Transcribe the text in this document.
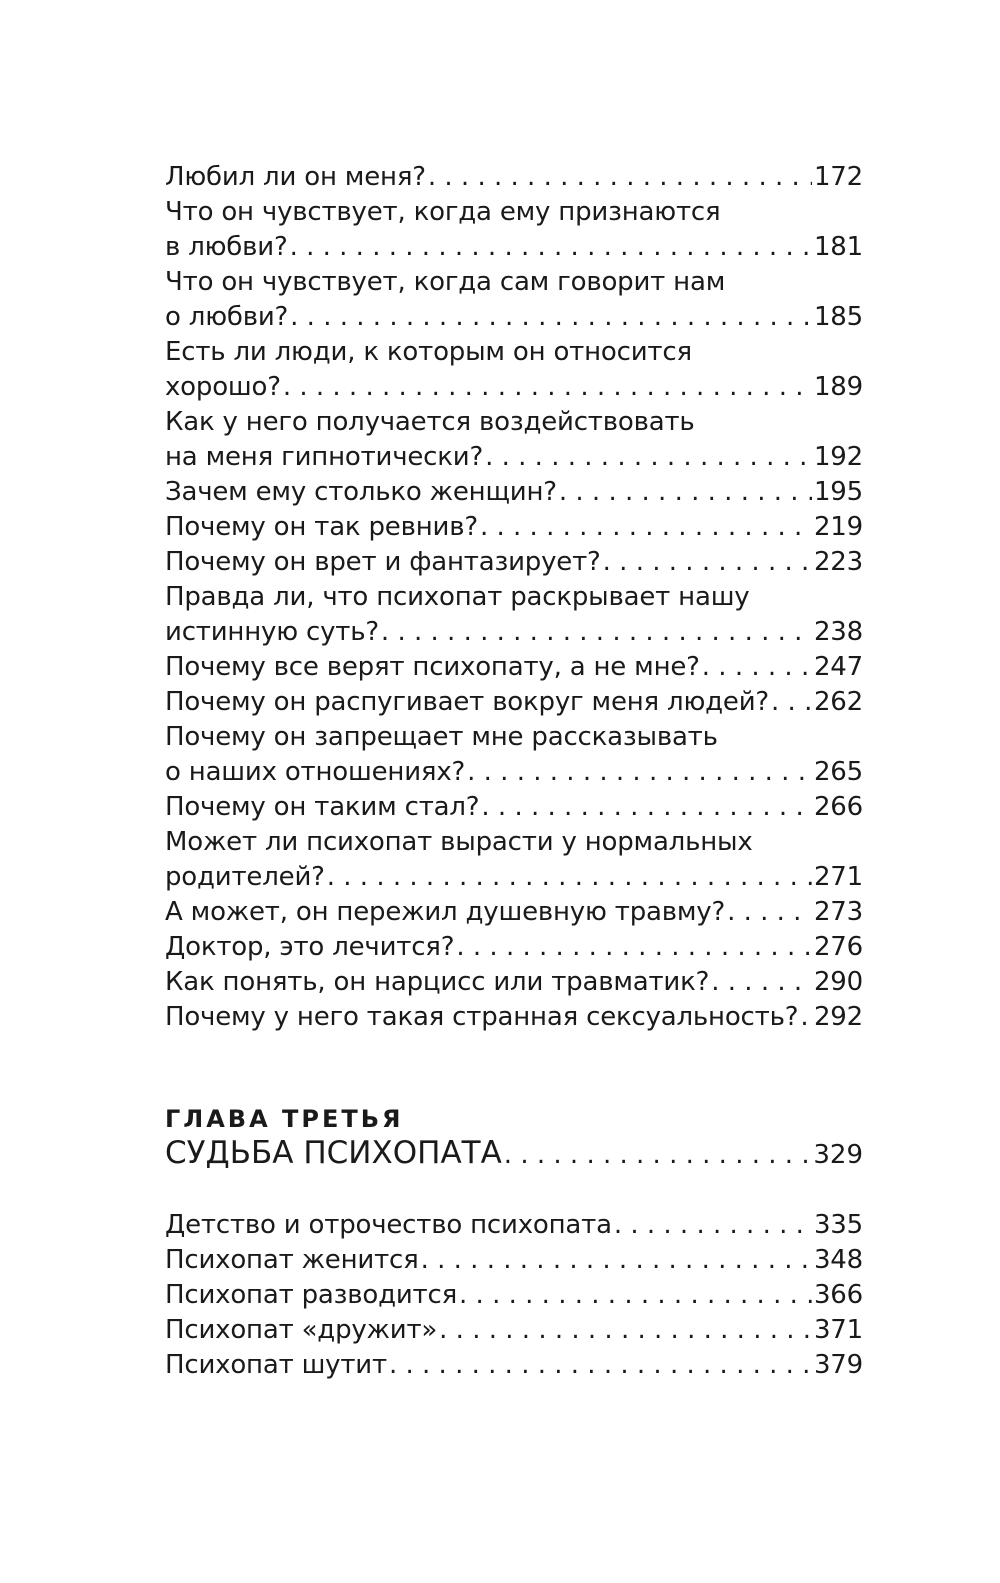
Любил ли он меня? . . .	172
Что он чувствует, когда ему признаются
в любви? . . .	181
Что он чувствует, когда сам говорит нам
о любви? . . .	185
Есть ли люди, к которым он относится
хорошо? . . .	189
Как у него получается воздействовать
на меня гипнотически? . . .	192
Зачем ему столько женщин? . . .	195
Почему он так ревнив? . . .	219
Почему он врет и фантазирует? . . .	223
Правда ли, что психопат раскрывает нашу
истинную суть? . . .	238
Почему все верят психопату, а не мне? . . .	247
Почему он распугивает вокруг меня людей? . . . 262
Почему он запрещает мне рассказывать
о наших отношениях? . . .	265
Почему он таким стал? . . .	266
Может ли психопат вырасти у нормальных
родителей? . . .	271
А может, он пережил душевную травму? . . .	273
Доктор, это лечится? . . .	276
Как понять, он нарцисс или травматик? . . .	290
Почему у него такая странная сексуальность? . . . 292
ГЛАВА ТРЕТЬЯ
СУДЬБА ПСИХОПАТА . . .	329
Детство и отрочество психопата . . .	335
Психопат женится . . .	348
Психопат разводится . . .	366
Психопат «дружит» . . .	371
Психопат шутит . . .	379
